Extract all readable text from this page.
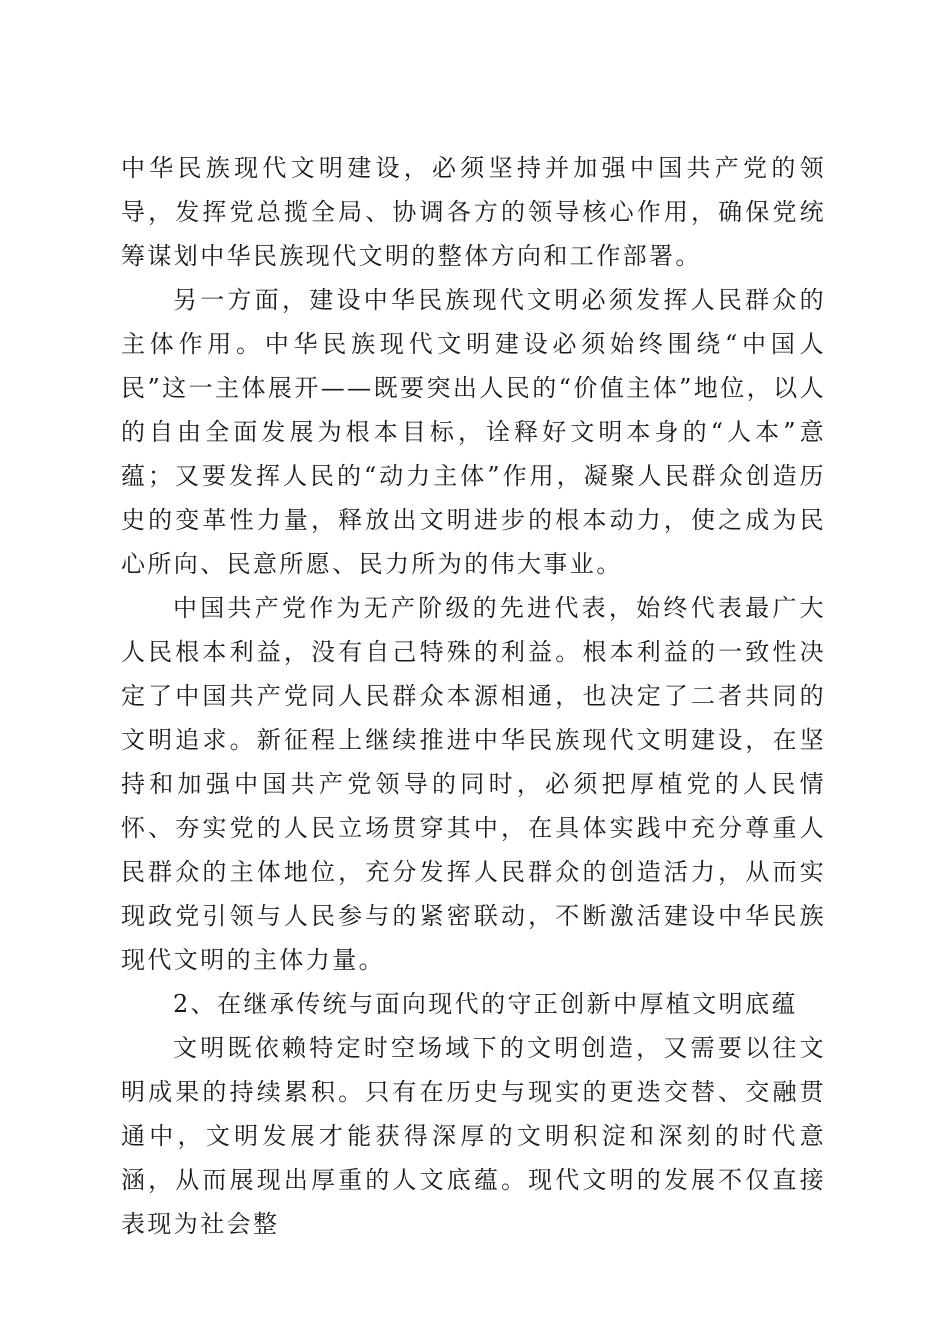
中华民族现代文明建设，必须坚持并加强中国共产党的领导，发挥党总揽全局、协调各方的领导核心作用，确保党统筹谋划中华民族现代文明的整体方向和工作部署。

另一方面，建设中华民族现代文明必须发挥人民群众的主体作用。中华民族现代文明建设必须始终围绕“中国人民”这一主体展开——既要突出人民的“价值主体”地位，以人的自由全面发展为根本目标，诠释好文明本身的“人本”意蕴；又要发挥人民的“动力主体”作用，凝聚人民群众创造历史的变革性力量，释放出文明进步的根本动力，使之成为民心所向、民意所愿、民力所为的伟大事业。

中国共产党作为无产阶级的先进代表，始终代表最广大人民根本利益，没有自己特殊的利益。根本利益的一致性决定了中国共产党同人民群众本源相通，也决定了二者共同的文明追求。新征程上继续推进中华民族现代文明建设，在坚持和加强中国共产党领导的同时，必须把厚植党的人民情怀、夯实党的人民立场贯穿其中，在具体实践中充分尊重人民群众的主体地位，充分发挥人民群众的创造活力，从而实现政党引领与人民参与的紧密联动，不断激活建设中华民族现代文明的主体力量。

2、在继承传统与面向现代的守正创新中厚植文明底蕴

文明既依赖特定时空场域下的文明创造，又需要以往文明成果的持续累积。只有在历史与现实的更迭交替、交融贯通中，文明发展才能获得深厚的文明积淀和深刻的时代意涵，从而展现出厚重的人文底蕴。现代文明的发展不仅直接表现为社会整
